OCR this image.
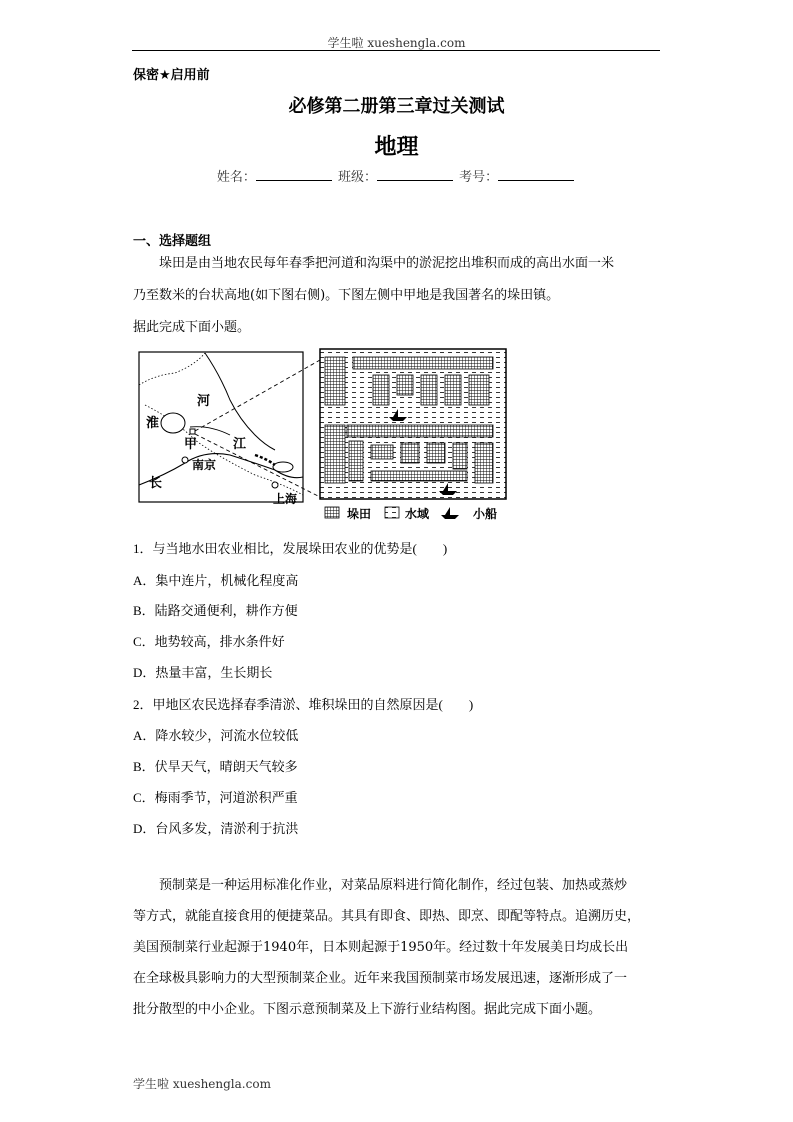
学生啦 xueshengla.com
保密★启用前
必修第二册第三章过关测试
地理
姓名：	班级：	考号：
一、选择题组
垛田是由当地农民每年春季把河道和沟渠中的淤泥挖出堆积而成的高出水面一米
乃至数米的台状高地(如下图右侧)。下图左侧中甲地是我国著名的垛田镇。
据此完成下面小题。
河
淮
甲	江
南京
长
上海
垛田	水域	小船
1．与当地水田农业相比，发展垛田农业的优势是(　　)
A．集中连片，机械化程度高
B．陆路交通便利，耕作方便
C．地势较高，排水条件好
D．热量丰富，生长期长
2．甲地区农民选择春季清淤、堆积垛田的自然原因是(　　)
A．降水较少，河流水位较低
B．伏旱天气，晴朗天气较多
C．梅雨季节，河道淤积严重
D．台风多发，清淤利于抗洪
预制菜是一种运用标准化作业，对菜品原料进行简化制作，经过包装、加热或蒸炒
等方式，就能直接食用的便捷菜品。其具有即食、即热、即烹、即配等特点。追溯历史，
美国预制菜行业起源于1940年，日本则起源于1950年。经过数十年发展美日均成长出
在全球极具影响力的大型预制菜企业。近年来我国预制菜市场发展迅速，逐渐形成了一
批分散型的中小企业。下图示意预制菜及上下游行业结构图。据此完成下面小题。
学生啦 xueshengla.com
